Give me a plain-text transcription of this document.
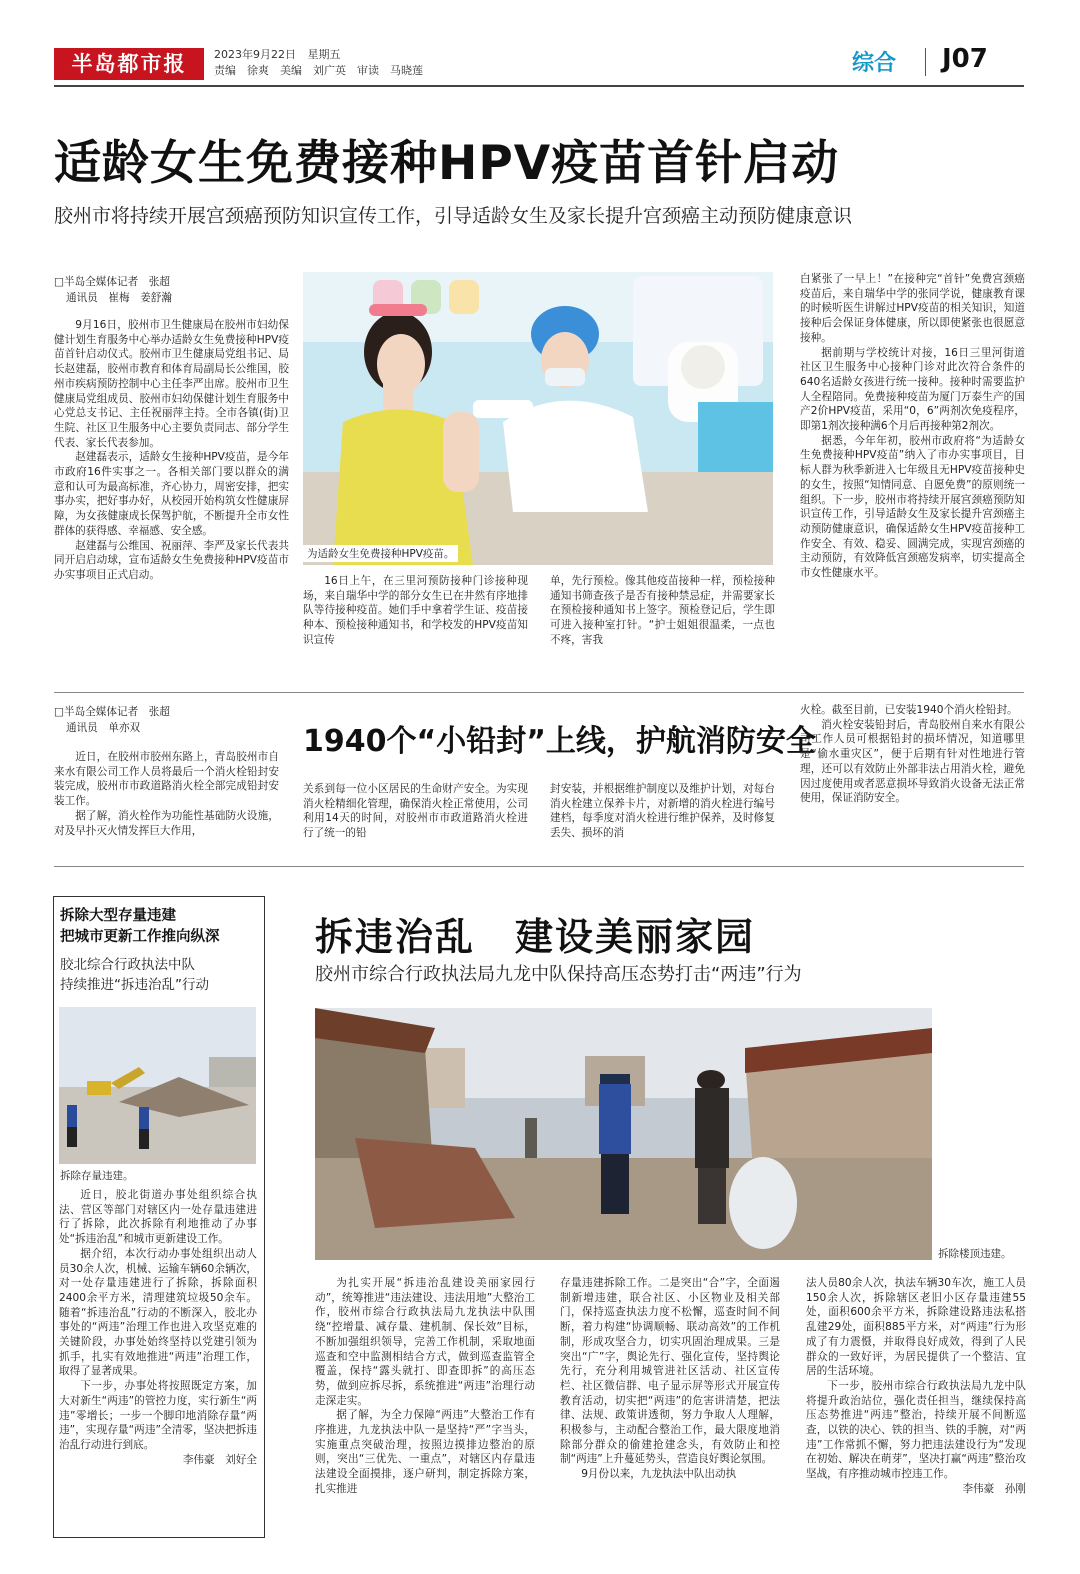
半岛都市报	2023年9月22日 星期五
责编　徐爽　美编　刘广英　审读　马晓莲	综合 J07
适龄女生免费接种HPV疫苗首针启动
胶州市将持续开展宫颈癌预防知识宣传工作，引导适龄女生及家长提升宫颈癌主动预防健康意识
□半岛全媒体记者　张超
通讯员　崔梅　姜舒瀚

9月16日，胶州市卫生健康局在胶州市妇幼保健计划生育服务中心举办适龄女生免费接种HPV疫苗首针启动仪式。胶州市卫生健康局党组书记、局长赵建磊，胶州市教育和体育局副局长公维国，胶州市疾病预防控制中心主任李严出席。胶州市卫生健康局党组成员、胶州市妇幼保健计划生育服务中心党总支书记、主任祝丽萍主持。全市各镇(街)卫生院、社区卫生服务中心主要负责同志、部分学生代表、家长代表参加。

赵建磊表示，适龄女生接种HPV疫苗，是今年市政府16件实事之一。各相关部门要以群众的满意和认可为最高标准，齐心协力，周密安排，把实事办实，把好事办好，从校园开始构筑女性健康屏障，为女孩健康成长保驾护航，不断提升全市女性群体的获得感、幸福感、安全感。

赵建磊与公维国、祝丽萍、李严及家长代表共同开启启动球，宣布适龄女生免费接种HPV疫苗市办实事项目正式启动。

为适龄女生免费接种HPV疫苗。

16日上午，在三里河预防接种门诊接种现场，来自瑞华中学的部分女生已在井然有序地排队等待接种疫苗。她们手中拿着学生证、疫苗接种本、预检接种通知书，和学校发的HPV疫苗知识宣传

单，先行预检。像其他疫苗接种一样，预检接种通知书筛查孩子是否有接种禁忌症，并需要家长在预检接种通知书上签字。预检登记后，学生即可进入接种室打针。“护士姐姐很温柔，一点也不疼，害我

白紧张了一早上！”在接种完“首针”免费宫颈癌疫苗后，来自瑞华中学的张同学说，健康教育课的时候听医生讲解过HPV疫苗的相关知识，知道接种后会保证身体健康，所以即使紧张也很愿意接种。

据前期与学校统计对接，16日三里河街道社区卫生服务中心接种门诊对此次符合条件的640名适龄女孩进行统一接种。接种时需要监护人全程陪同。免费接种疫苗为厦门万泰生产的国产2价HPV疫苗，采用“0，6”两剂次免疫程序，即第1剂次接种满6个月后再接种第2剂次。

据悉，今年年初，胶州市政府将“为适龄女生免费接种HPV疫苗”纳入了市办实事项目，目标人群为秋季新进入七年级且无HPV疫苗接种史的女生，按照“知情同意、自愿免费”的原则统一组织。下一步，胶州市将持续开展宫颈癌预防知识宣传工作，引导适龄女生及家长提升宫颈癌主动预防健康意识，确保适龄女生HPV疫苗接种工作安全、有效、稳妥、圆满完成，实现宫颈癌的主动预防，有效降低宫颈癌发病率，切实提高全市女性健康水平。

□半岛全媒体记者　张超
通讯员　单亦双

近日，在胶州市胶州东路上，青岛胶州市自来水有限公司工作人员将最后一个消火栓铅封安装完成，胶州市市政道路消火栓全部完成铅封安装工作。

据了解，消火栓作为功能性基础防火设施，对及早扑灭火情发挥巨大作用，

1940个“小铅封”上线，护航消防安全

关系到每一位小区居民的生命财产安全。为实现消火栓精细化管理，确保消火栓正常使用，公司利用14天的时间，对胶州市市政道路消火栓进行了统一的铅

封安装，并根据维护制度以及维护计划，对每台消火栓建立保养卡片，对新增的消火栓进行编号建档，每季度对消火栓进行维护保养，及时修复丢失、损坏的消

火栓。截至目前，已安装1940个消火栓铅封。

消火栓安装铅封后，青岛胶州自来水有限公司工作人员可根据铅封的损坏情况，知道哪里是“偷水重灾区”，便于后期有针对性地进行管理，还可以有效防止外部非法占用消火栓，避免因过度使用或者恶意损坏导致消火设备无法正常使用，保证消防安全。

拆除大型存量违建
把城市更新工作推向纵深
胶北综合行政执法中队
持续推进“拆违治乱”行动
拆除存量违建。

近日，胶北街道办事处组织综合执法、营区等部门对辖区内一处存量违建进行了拆除，此次拆除有利地推动了办事处“拆违治乱”和城市更新建设工作。

据介绍，本次行动办事处组织出动人员30余人次，机械、运输车辆60余辆次，对一处存量违建进行了拆除，拆除面积2400余平方米，清理建筑垃圾50余车。随着“拆违治乱”行动的不断深入，胶北办事处的“两违”治理工作也进入攻坚克难的关键阶段，办事处始终坚持以党建引领为抓手，扎实有效地推进“两违”治理工作，取得了显著成果。

下一步，办事处将按照既定方案，加大对新生“两违”的管控力度，实行新生“两违”零增长；一步一个脚印地消除存量“两违”，实现存量“两违”全清零，坚决把拆违治乱行动进行到底。

李伟豪　刘好全
拆违治乱　建设美丽家园
胶州市综合行政执法局九龙中队保持高压态势打击“两违”行为
拆除楼顶违建。

为扎实开展“拆违治乱建设美丽家园行动”，统筹推进“违法建设、违法用地”大整治工作，胶州市综合行政执法局九龙执法中队围绕“控增量、减存量、建机制、保长效”目标，不断加强组织领导，完善工作机制，采取地面巡查和空中监测相结合方式，做到巡查监管全覆盖，保持“露头就打、即查即拆”的高压态势，做到应拆尽拆，系统推进“两违”治理行动走深走实。

据了解，为全力保障“两违”大整治工作有序推进，九龙执法中队一是坚持“严”字当头，实施重点突破治理，按照边摸排边整治的原则，突出“三优先、一重点”，对辖区内存量违法建设全面摸排，逐户研判，制定拆除方案，扎实推进

存量违建拆除工作。二是突出“合”字，全面遏制新增违建，联合社区、小区物业及相关部门，保持巡查执法力度不松懈，巡查时间不间断，着力构建“协调顺畅、联动高效”的工作机制，形成攻坚合力，切实巩固治理成果。三是突出“广”字，舆论先行、强化宣传，坚持舆论先行，充分利用城管进社区活动、社区宣传栏、社区微信群、电子显示屏等形式开展宣传教育活动，切实把“两违”的危害讲清楚，把法律、法规、政策讲透彻，努力争取人人理解，积极参与，主动配合整治工作，最大限度地消除部分群众的偷建抢建念头，有效防止和控制“两违”上升蔓延势头，营造良好舆论氛围。

9月份以来，九龙执法中队出动执

法人员80余人次，执法车辆30车次，施工人员150余人次，拆除辖区老旧小区存量违建55处，面积600余平方米，拆除建设路违法私搭乱建29处，面积885平方米，对“两违”行为形成了有力震慑，并取得良好成效，得到了人民群众的一致好评，为居民提供了一个整洁、宜居的生活环境。

下一步，胶州市综合行政执法局九龙中队将提升政治站位，强化责任担当，继续保持高压态势推进“两违”整治，持续开展不间断巡查，以铁的决心、铁的担当、铁的手腕，对“两违”工作常抓不懈，努力把违法建设行为“发现在初始、解决在萌芽”，坚决打赢“两违”整治攻坚战，有序推动城市控违工作。

李伟豪　孙刚
